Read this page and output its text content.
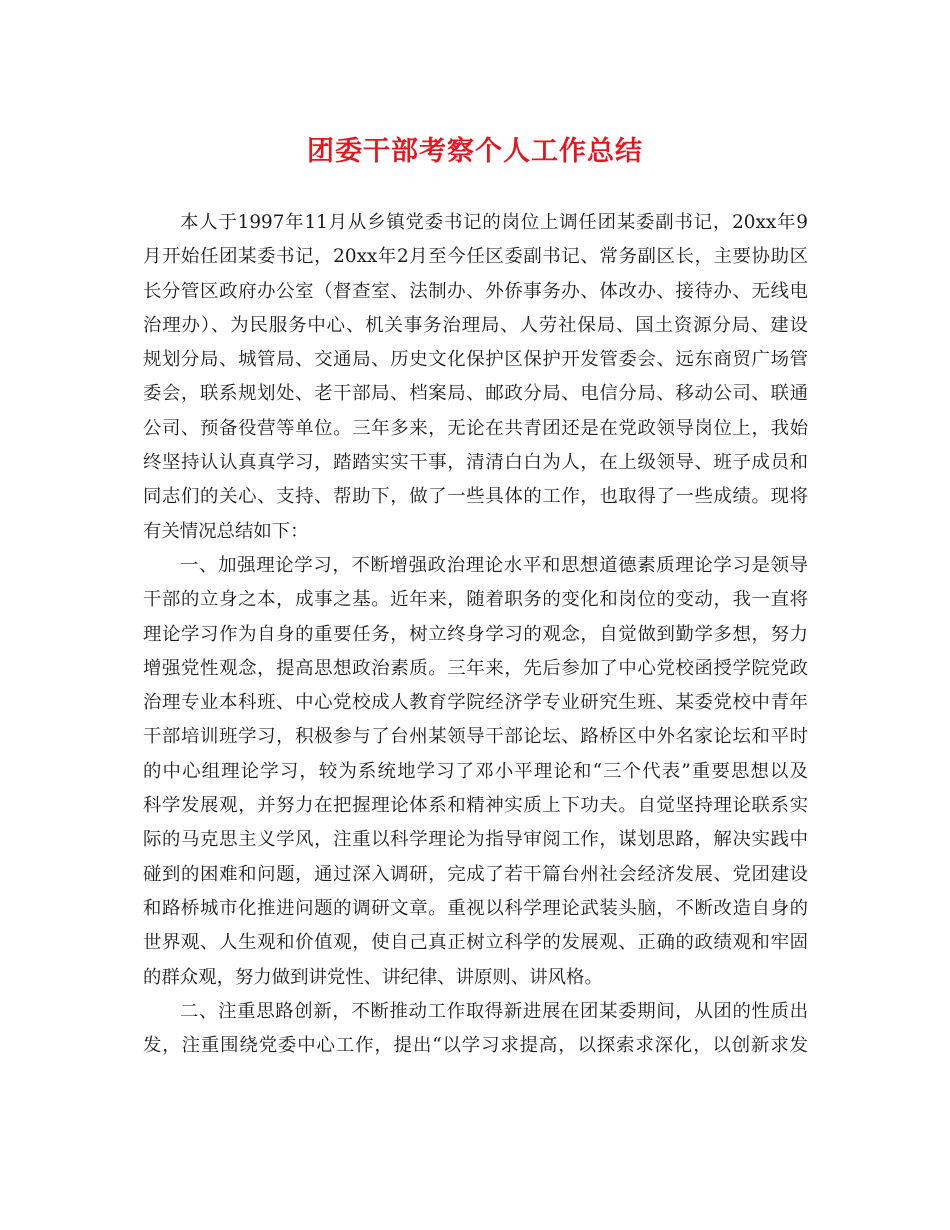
团委干部考察个人工作总结
本人于1997年11月从乡镇党委书记的岗位上调任团某委副书记，20xx年9
月开始任团某委书记，20xx年2月至今任区委副书记、常务副区长，主要协助区
长分管区政府办公室（督查室、法制办、外侨事务办、体改办、接待办、无线电
治理办）、为民服务中心、机关事务治理局、人劳社保局、国土资源分局、建设
规划分局、城管局、交通局、历史文化保护区保护开发管委会、远东商贸广场管
委会，联系规划处、老干部局、档案局、邮政分局、电信分局、移动公司、联通
公司、预备役营等单位。三年多来，无论在共青团还是在党政领导岗位上，我始
终坚持认认真真学习，踏踏实实干事，清清白白为人，在上级领导、班子成员和
同志们的关心、支持、帮助下，做了一些具体的工作，也取得了一些成绩。现将
有关情况总结如下：
一、加强理论学习，不断增强政治理论水平和思想道德素质理论学习是领导
干部的立身之本，成事之基。近年来，随着职务的变化和岗位的变动，我一直将
理论学习作为自身的重要任务，树立终身学习的观念，自觉做到勤学多想，努力
增强党性观念，提高思想政治素质。三年来，先后参加了中心党校函授学院党政
治理专业本科班、中心党校成人教育学院经济学专业研究生班、某委党校中青年
干部培训班学习，积极参与了台州某领导干部论坛、路桥区中外名家论坛和平时
的中心组理论学习，较为系统地学习了邓小平理论和“三个代表”重要思想以及
科学发展观，并努力在把握理论体系和精神实质上下功夫。自觉坚持理论联系实
际的马克思主义学风，注重以科学理论为指导审阅工作，谋划思路，解决实践中
碰到的困难和问题，通过深入调研，完成了若干篇台州社会经济发展、党团建设
和路桥城市化推进问题的调研文章。重视以科学理论武装头脑，不断改造自身的
世界观、人生观和价值观，使自己真正树立科学的发展观、正确的政绩观和牢固
的群众观，努力做到讲党性、讲纪律、讲原则、讲风格。
二、注重思路创新，不断推动工作取得新进展在团某委期间，从团的性质出
发，注重围绕党委中心工作，提出“以学习求提高，以探索求深化，以创新求发
